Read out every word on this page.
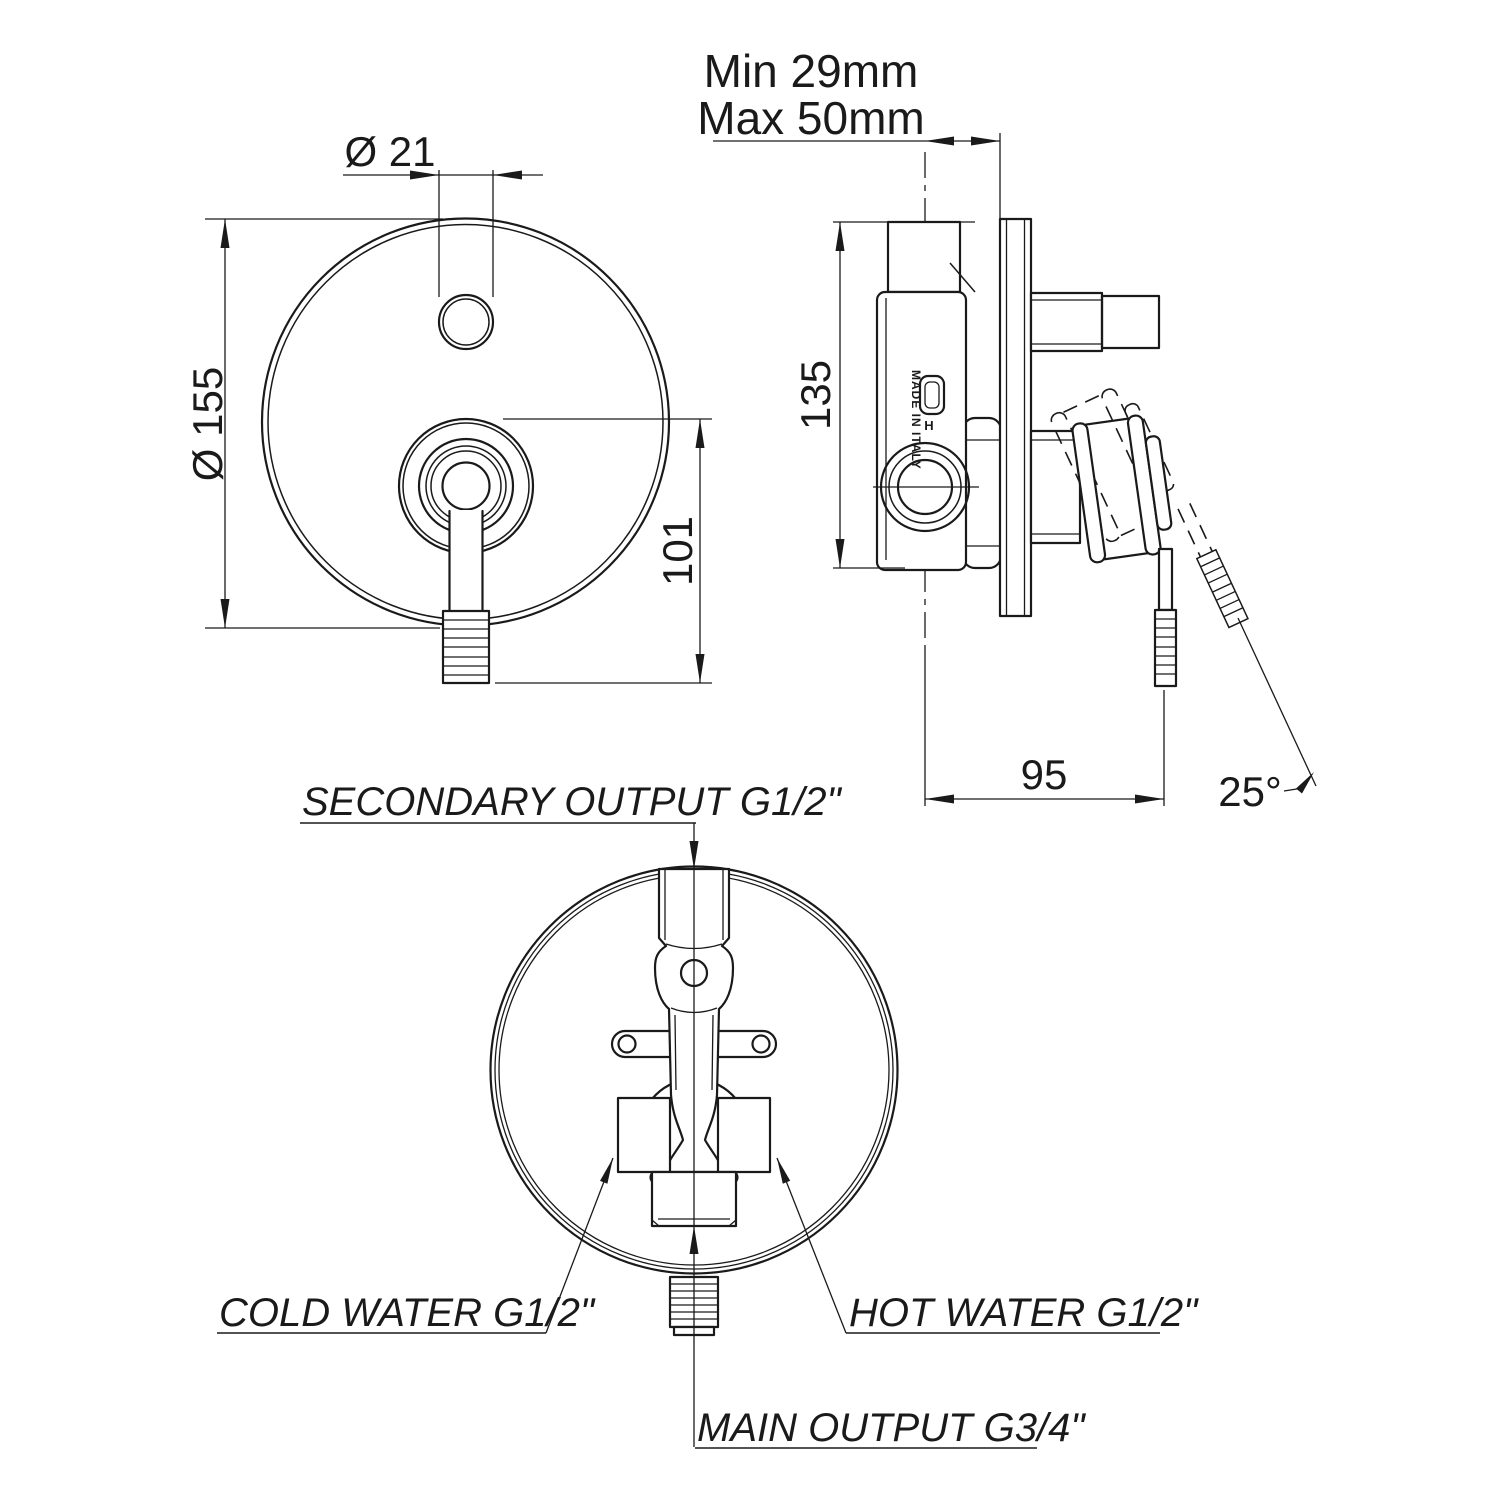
Ø 21
Ø 155
101
MADE IN ITALY H
Min 29mm
Max 50mm
135
95	25°
SECONDARY OUTPUT G1/2"
COLD WATER G1/2"	HOT WATER G1/2"
MAIN OUTPUT G3/4"
